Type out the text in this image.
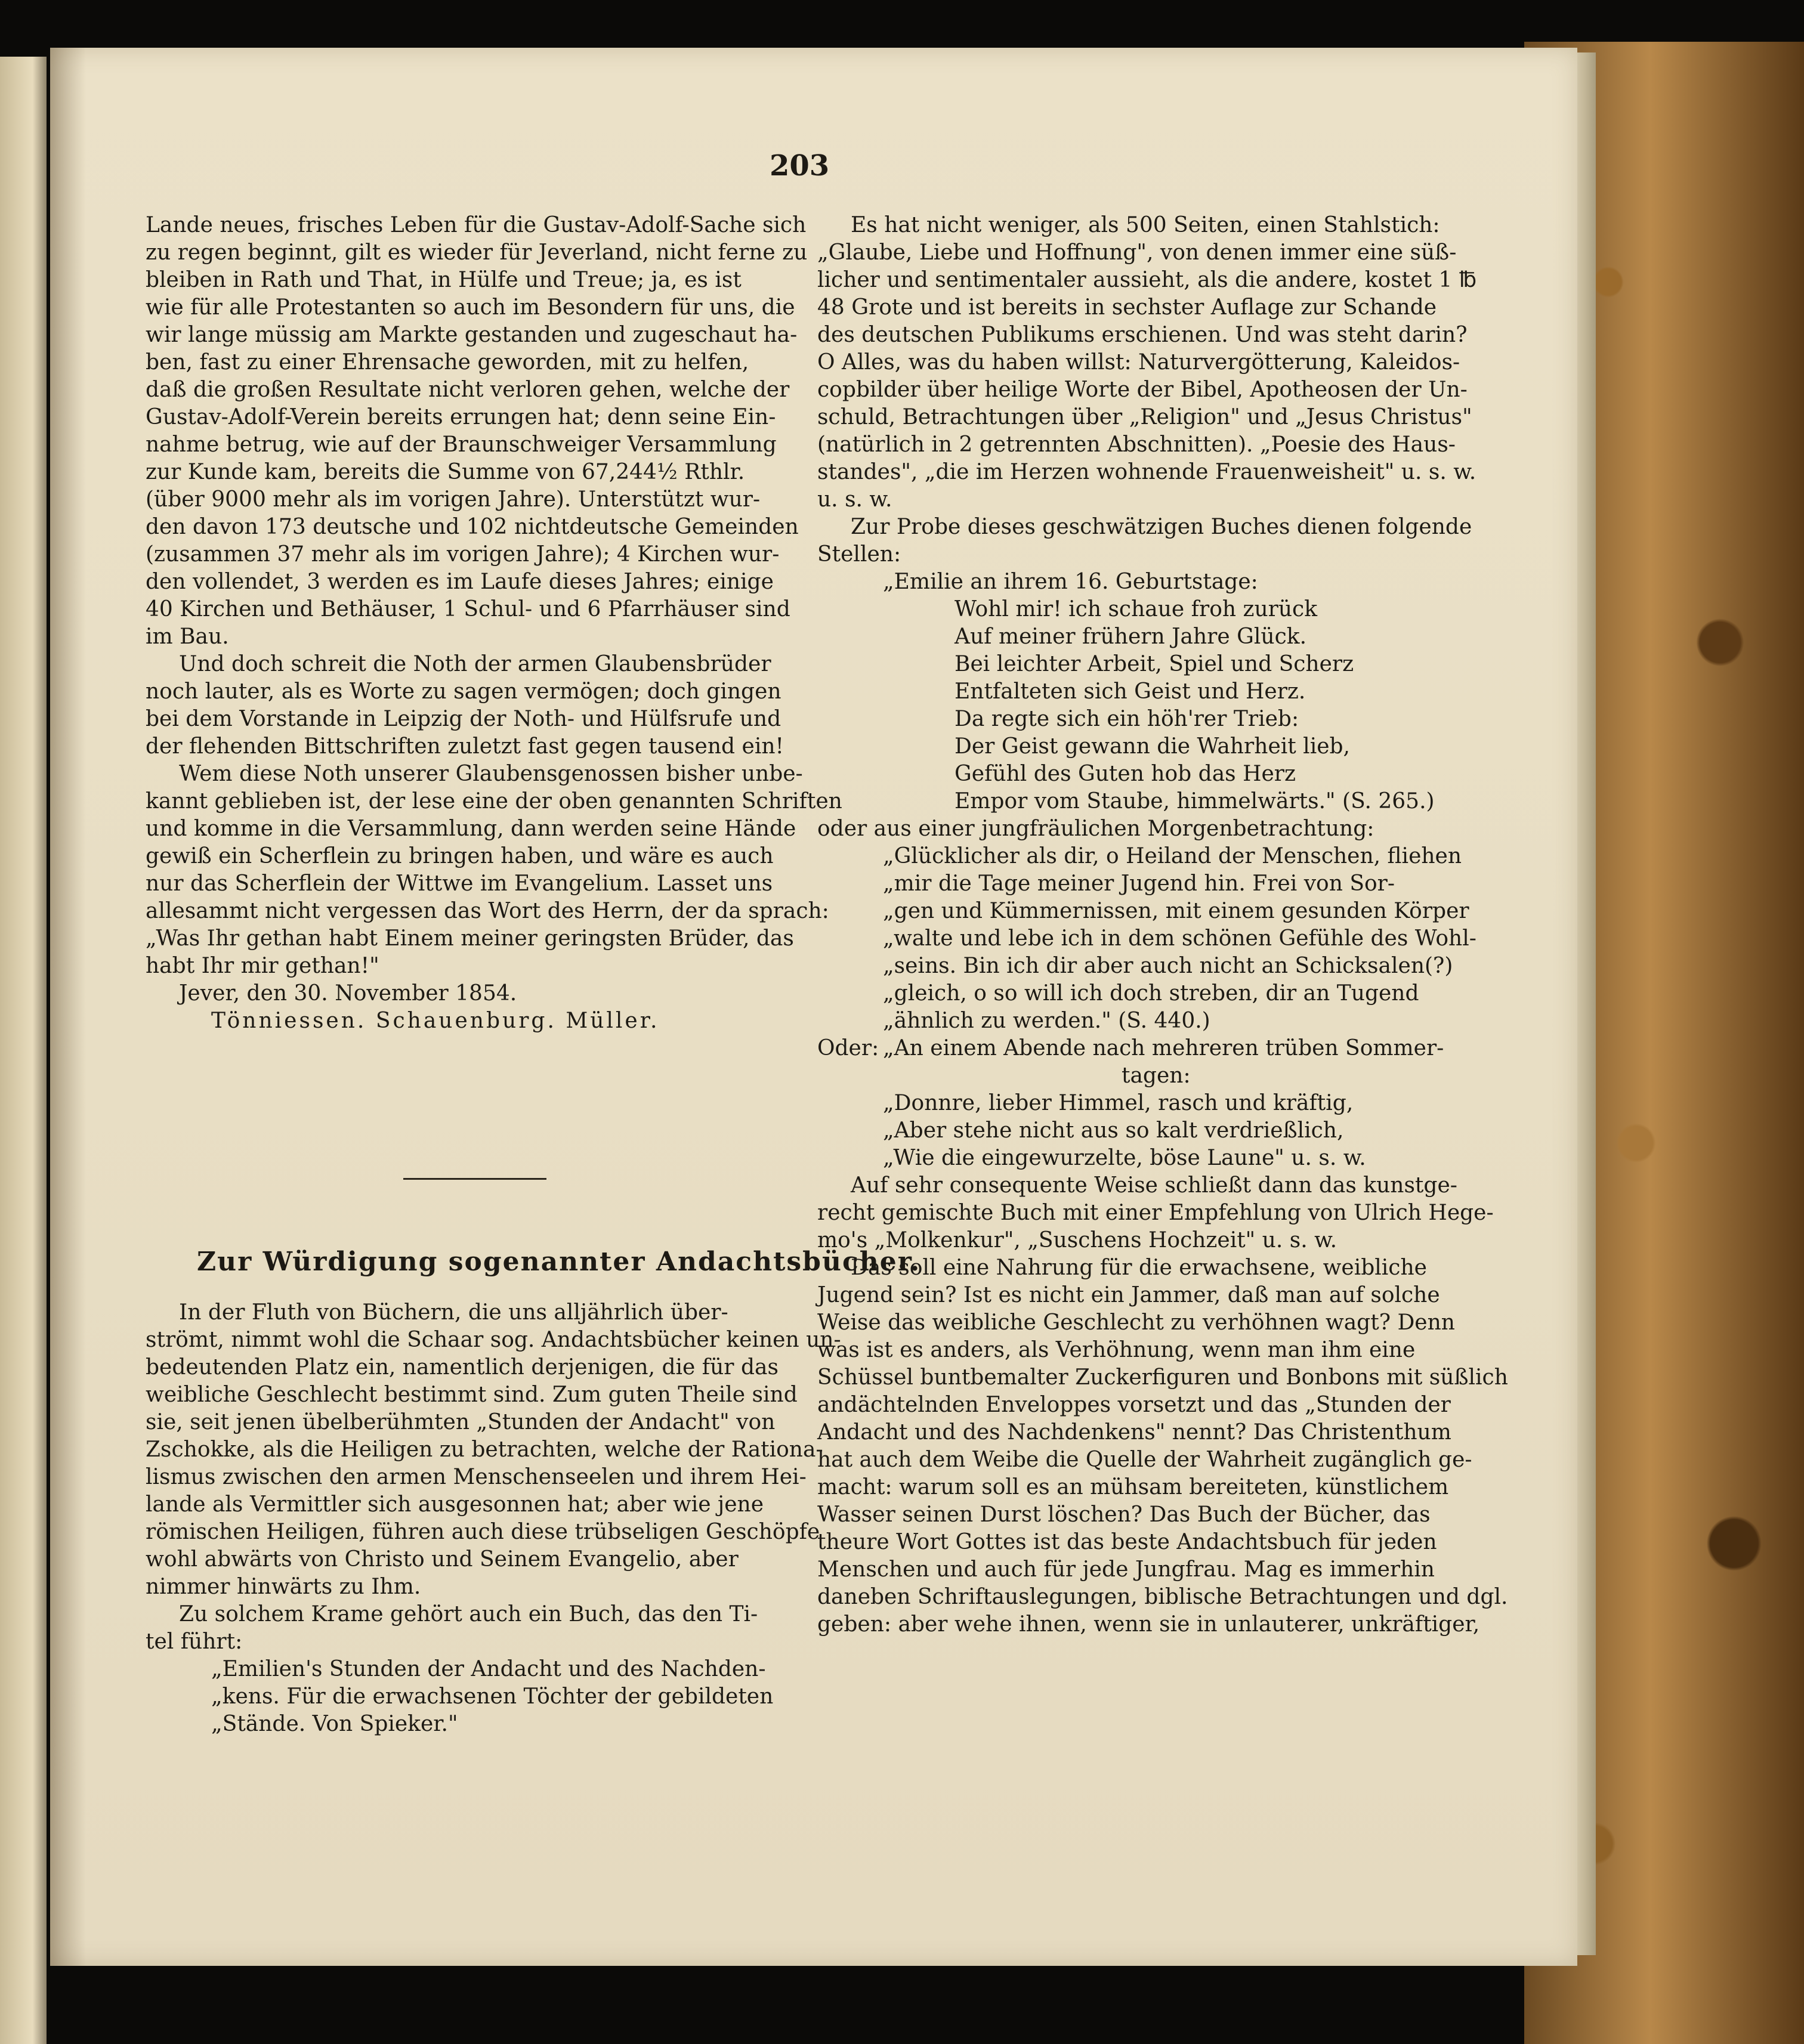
203
Lande neues, frisches Leben für die Gustav-Adolf-Sache sich
zu regen beginnt, gilt es wieder für Jeverland, nicht ferne zu
bleiben in Rath und That, in Hülfe und Treue; ja, es ist
wie für alle Protestanten so auch im Besondern für uns, die
wir lange müssig am Markte gestanden und zugeschaut ha-
ben, fast zu einer Ehrensache geworden, mit zu helfen,
daß die großen Resultate nicht verloren gehen, welche der
Gustav-Adolf-Verein bereits errungen hat; denn seine Ein-
nahme betrug, wie auf der Braunschweiger Versammlung
zur Kunde kam, bereits die Summe von 67,244½ Rthlr.
(über 9000 mehr als im vorigen Jahre). Unterstützt wur-
den davon 173 deutsche und 102 nichtdeutsche Gemeinden
(zusammen 37 mehr als im vorigen Jahre); 4 Kirchen wur-
den vollendet, 3 werden es im Laufe dieses Jahres; einige
40 Kirchen und Bethäuser, 1 Schul- und 6 Pfarrhäuser sind
im Bau.
Und doch schreit die Noth der armen Glaubensbrüder
noch lauter, als es Worte zu sagen vermögen; doch gingen
bei dem Vorstande in Leipzig der Noth- und Hülfsrufe und
der flehenden Bittschriften zuletzt fast gegen tausend ein!
Wem diese Noth unserer Glaubensgenossen bisher unbe-
kannt geblieben ist, der lese eine der oben genannten Schriften
und komme in die Versammlung, dann werden seine Hände
gewiß ein Scherflein zu bringen haben, und wäre es auch
nur das Scherflein der Wittwe im Evangelium. Lasset uns
allesammt nicht vergessen das Wort des Herrn, der da sprach:
„Was Ihr gethan habt Einem meiner geringsten Brüder, das
habt Ihr mir gethan!"
Jever, den 30. November 1854.
Tönniessen. Schauenburg. Müller.
Zur Würdigung sogenannter Andachtsbücher.
In der Fluth von Büchern, die uns alljährlich über-
strömt, nimmt wohl die Schaar sog. Andachtsbücher keinen un-
bedeutenden Platz ein, namentlich derjenigen, die für das
weibliche Geschlecht bestimmt sind. Zum guten Theile sind
sie, seit jenen übelberühmten „Stunden der Andacht" von
Zschokke, als die Heiligen zu betrachten, welche der Rationa-
lismus zwischen den armen Menschenseelen und ihrem Hei-
lande als Vermittler sich ausgesonnen hat; aber wie jene
römischen Heiligen, führen auch diese trübseligen Geschöpfe
wohl abwärts von Christo und Seinem Evangelio, aber
nimmer hinwärts zu Ihm.
Zu solchem Krame gehört auch ein Buch, das den Ti-
tel führt:
„Emilien's Stunden der Andacht und des Nachden-
„kens. Für die erwachsenen Töchter der gebildeten
„Stände. Von Spieker."
Es hat nicht weniger, als 500 Seiten, einen Stahlstich:
„Glaube, Liebe und Hoffnung", von denen immer eine süß-
licher und sentimentaler aussieht, als die andere, kostet 1 ℔
48 Grote und ist bereits in sechster Auflage zur Schande
des deutschen Publikums erschienen. Und was steht darin?
O Alles, was du haben willst: Naturvergötterung, Kaleidos-
copbilder über heilige Worte der Bibel, Apotheosen der Un-
schuld, Betrachtungen über „Religion" und „Jesus Christus"
(natürlich in 2 getrennten Abschnitten). „Poesie des Haus-
standes", „die im Herzen wohnende Frauenweisheit" u. s. w.
u. s. w.
Zur Probe dieses geschwätzigen Buches dienen folgende
Stellen:
„Emilie an ihrem 16. Geburtstage:
Wohl mir! ich schaue froh zurück
Auf meiner frühern Jahre Glück.
Bei leichter Arbeit, Spiel und Scherz
Entfalteten sich Geist und Herz.
Da regte sich ein höh'rer Trieb:
Der Geist gewann die Wahrheit lieb,
Gefühl des Guten hob das Herz
Empor vom Staube, himmelwärts." (S. 265.)
oder aus einer jungfräulichen Morgenbetrachtung:
„Glücklicher als dir, o Heiland der Menschen, fliehen
„mir die Tage meiner Jugend hin. Frei von Sor-
„gen und Kümmernissen, mit einem gesunden Körper
„walte und lebe ich in dem schönen Gefühle des Wohl-
„seins. Bin ich dir aber auch nicht an Schicksalen(?)
„gleich, o so will ich doch streben, dir an Tugend
„ähnlich zu werden." (S. 440.)
Oder: „An einem Abende nach mehreren trüben Sommer-
tagen:
„Donnre, lieber Himmel, rasch und kräftig,
„Aber stehe nicht aus so kalt verdrießlich,
„Wie die eingewurzelte, böse Laune" u. s. w.
Auf sehr consequente Weise schließt dann das kunstge-
recht gemischte Buch mit einer Empfehlung von Ulrich Hege-
mo's „Molkenkur", „Suschens Hochzeit" u. s. w.
Das soll eine Nahrung für die erwachsene, weibliche
Jugend sein? Ist es nicht ein Jammer, daß man auf solche
Weise das weibliche Geschlecht zu verhöhnen wagt? Denn
was ist es anders, als Verhöhnung, wenn man ihm eine
Schüssel buntbemalter Zuckerfiguren und Bonbons mit süßlich
andächtelnden Enveloppes vorsetzt und das „Stunden der
Andacht und des Nachdenkens" nennt? Das Christenthum
hat auch dem Weibe die Quelle der Wahrheit zugänglich ge-
macht: warum soll es an mühsam bereiteten, künstlichem
Wasser seinen Durst löschen? Das Buch der Bücher, das
theure Wort Gottes ist das beste Andachtsbuch für jeden
Menschen und auch für jede Jungfrau. Mag es immerhin
daneben Schriftauslegungen, biblische Betrachtungen und dgl.
geben: aber wehe ihnen, wenn sie in unlauterer, unkräftiger,
